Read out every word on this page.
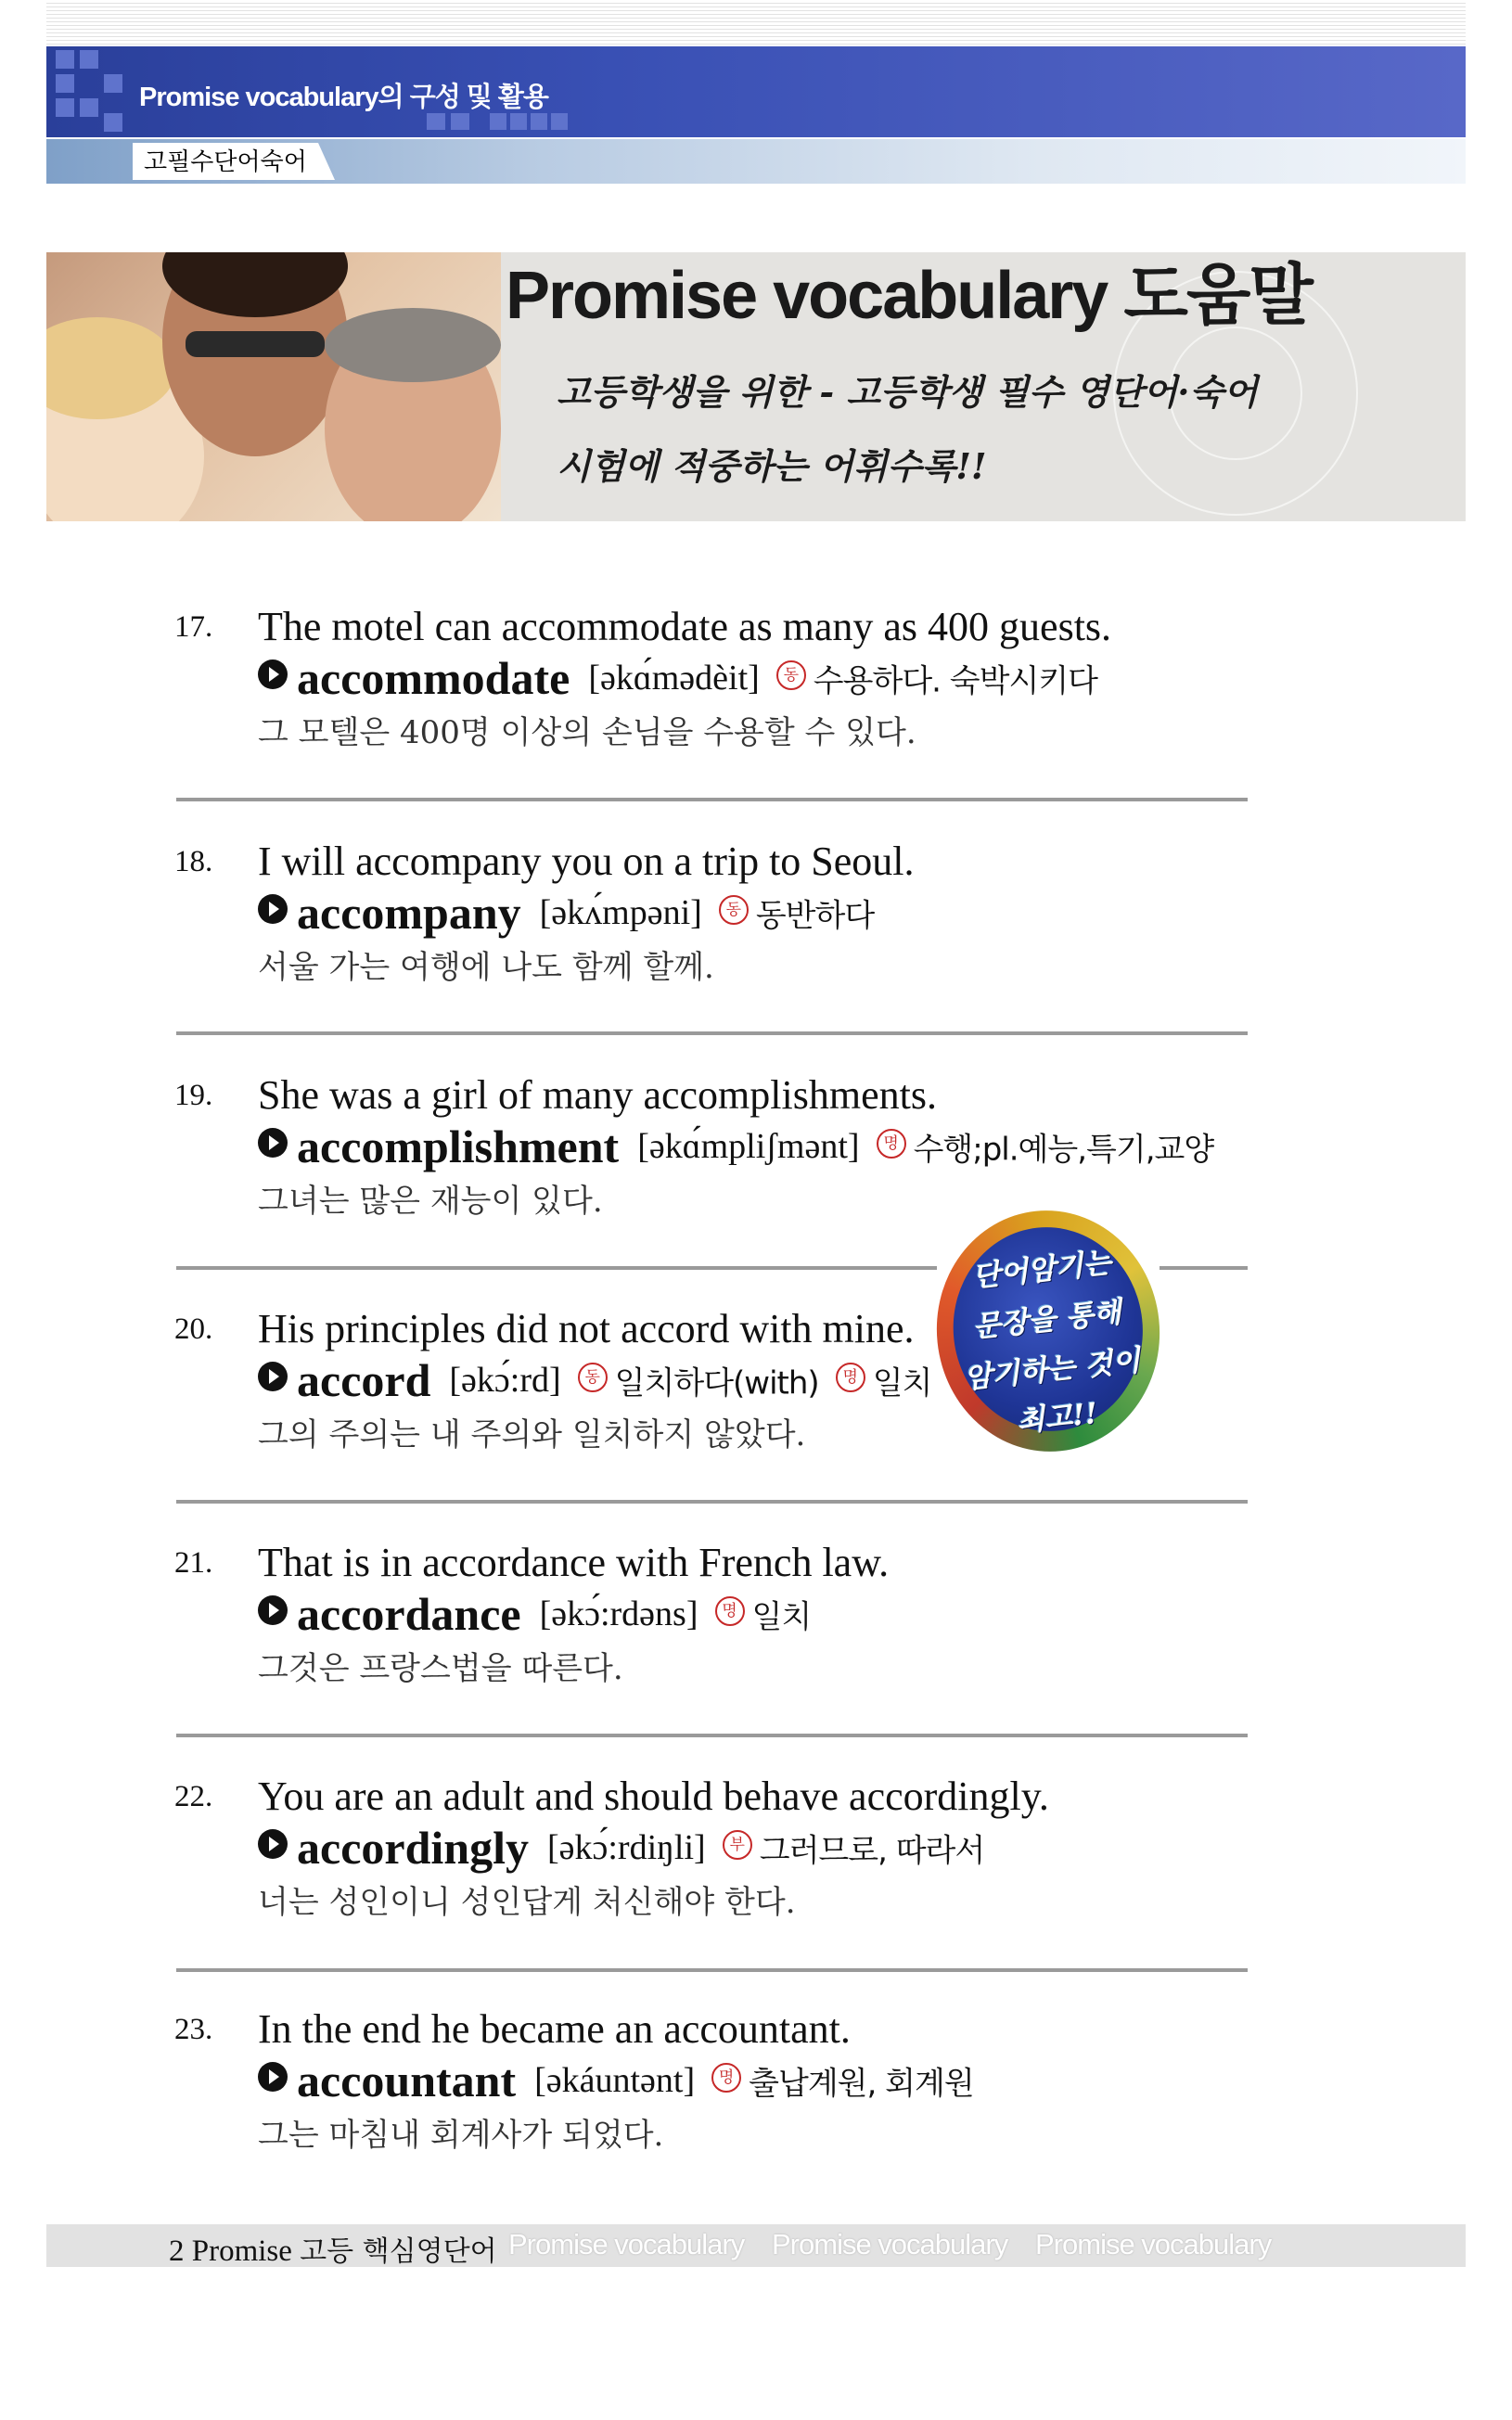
Promise vocabulary의 구성 및 활용
고필수단어숙어
Promise vocabulary 도움말
고등학생을 위한 - 고등학생 필수 영단어·숙어
시험에 적중하는 어휘수록!!
17. The motel can accommodate as many as 400 guests.
accommodate [əkɑ́mədèit] 동 수용하다. 숙박시키다
그 모텔은 400명 이상의 손님을 수용할 수 있다.
18. I will accompany you on a trip to Seoul.
accompany [əkʌ́mpəni] 동 동반하다
서울 가는 여행에 나도 함께 할께.
19. She was a girl of many accomplishments.
accomplishment [əkɑ́mpliʃmənt] 명 수행;pl.예능,특기,교양
그녀는 많은 재능이 있다.
20. His principles did not accord with mine.
accord [əkɔ́:rd] 동 일치하다(with) 명 일치
그의 주의는 내 주의와 일치하지 않았다.
21. That is in accordance with French law.
accordance [əkɔ́:rdəns] 명 일치
그것은 프랑스법을 따른다.
22. You are an adult and should behave accordingly.
accordingly [əkɔ́:rdiŋli] 부 그러므로, 따라서
너는 성인이니 성인답게 처신해야 한다.
23. In the end he became an accountant.
accountant [əkáuntənt] 명 출납계원, 회계원
그는 마침내 회계사가 되었다.
단어암기는
문장을 통해
암기하는 것이
최고!!
Promise vocabulary Promise vocabulary Promise vocabulary
2 Promise 고등 핵심영단어
